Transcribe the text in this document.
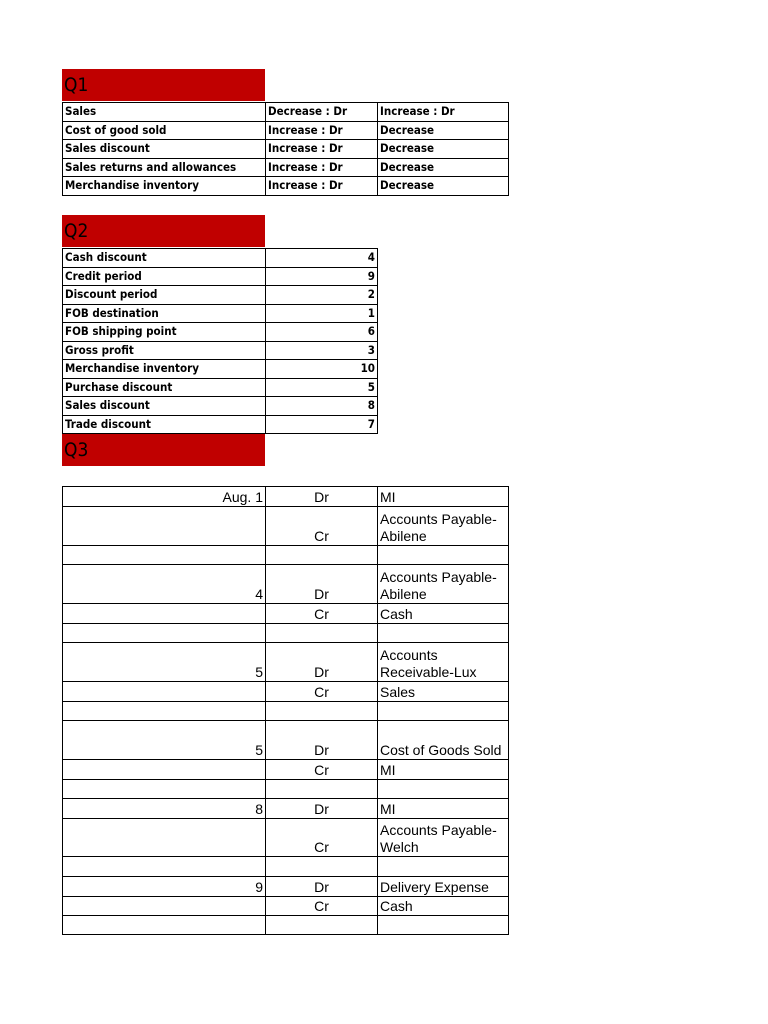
Q1
Sales	Decrease : Dr	Increase : Dr
Cost of good sold	Increase : Dr	Decrease
Sales discount	Increase : Dr	Decrease
Sales returns and allowances	Increase : Dr	Decrease
Merchandise inventory	Increase : Dr	Decrease
Q2
Cash discount	4
Credit period	9
Discount period	2
FOB destination	1
FOB shipping point	6
Gross profit	3
Merchandise inventory	10
Purchase discount	5
Sales discount	8
Trade discount	7
Q3
Aug. 1	Dr	MI
	Cr	Accounts Payable-Abilene

4	Dr	Accounts Payable-Abilene
	Cr	Cash

5	Dr	Accounts Receivable-Lux
	Cr	Sales

5	Dr	Cost of Goods Sold
	Cr	MI

8	Dr	MI
	Cr	Accounts Payable-Welch

9	Dr	Delivery Expense
	Cr	Cash
